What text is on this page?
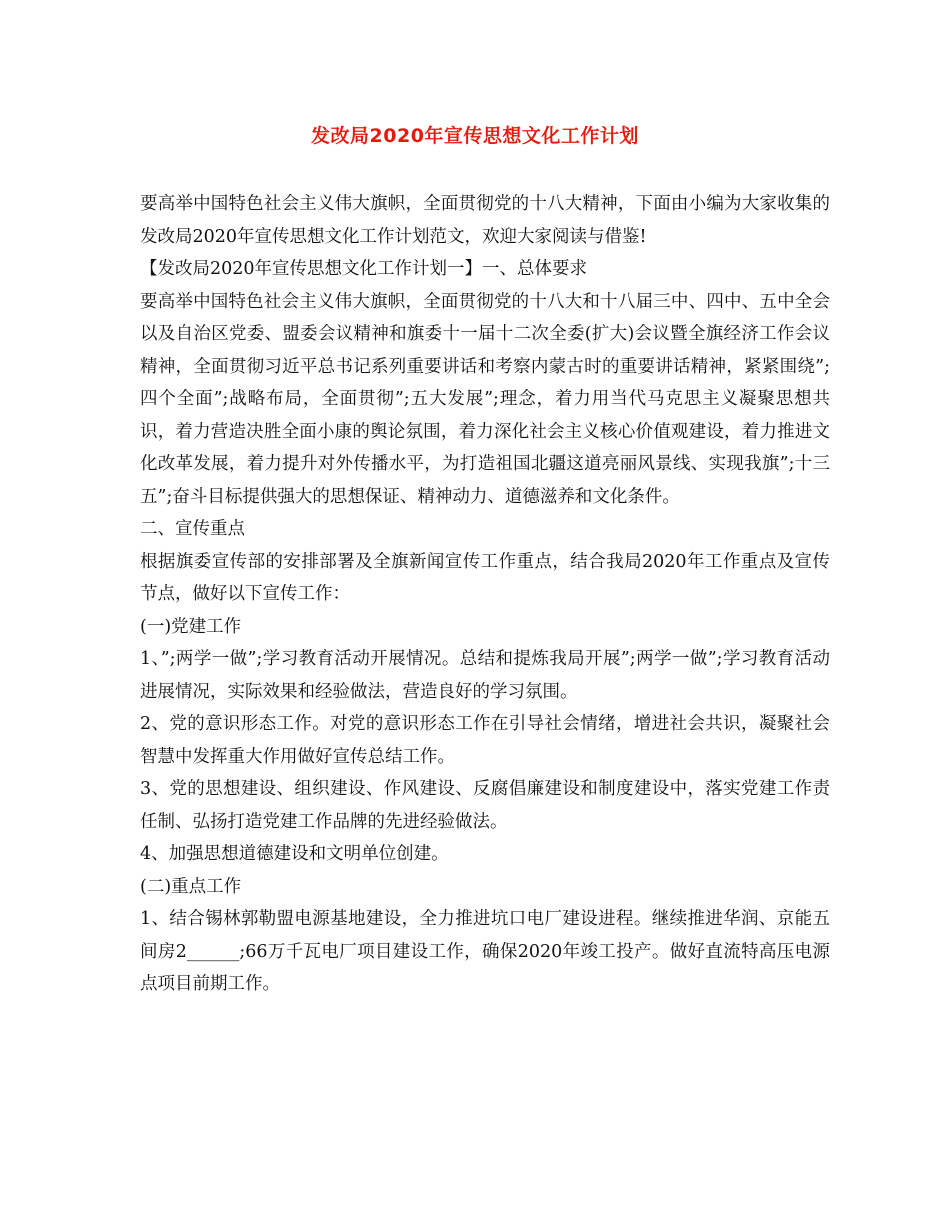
发改局2020年宣传思想文化工作计划

要高举中国特色社会主义伟大旗帜，全面贯彻党的十八大精神，下面由小编为大家收集的发改局2020年宣传思想文化工作计划范文，欢迎大家阅读与借鉴!

【发改局2020年宣传思想文化工作计划一】一、总体要求

要高举中国特色社会主义伟大旗帜，全面贯彻党的十八大和十八届三中、四中、五中全会以及自治区党委、盟委会议精神和旗委十一届十二次全委(扩大)会议暨全旗经济工作会议精神，全面贯彻习近平总书记系列重要讲话和考察内蒙古时的重要讲话精神，紧紧围绕”;四个全面”;战略布局，全面贯彻”;五大发展”;理念，着力用当代马克思主义凝聚思想共识，着力营造决胜全面小康的舆论氛围，着力深化社会主义核心价值观建设，着力推进文化改革发展，着力提升对外传播水平，为打造祖国北疆这道亮丽风景线、实现我旗”;十三五”;奋斗目标提供强大的思想保证、精神动力、道德滋养和文化条件。

二、宣传重点

根据旗委宣传部的安排部署及全旗新闻宣传工作重点，结合我局2020年工作重点及宣传节点，做好以下宣传工作：

(一)党建工作

1、”;两学一做”;学习教育活动开展情况。总结和提炼我局开展”;两学一做”;学习教育活动进展情况，实际效果和经验做法，营造良好的学习氛围。

2、党的意识形态工作。对党的意识形态工作在引导社会情绪，增进社会共识，凝聚社会智慧中发挥重大作用做好宣传总结工作。

3、党的思想建设、组织建设、作风建设、反腐倡廉建设和制度建设中，落实党建工作责任制、弘扬打造党建工作品牌的先进经验做法。

4、加强思想道德建设和文明单位创建。

(二)重点工作

1、结合锡林郭勒盟电源基地建设，全力推进坑口电厂建设进程。继续推进华润、京能五间房2______;66万千瓦电厂项目建设工作，确保2020年竣工投产。做好直流特高压电源点项目前期工作。
